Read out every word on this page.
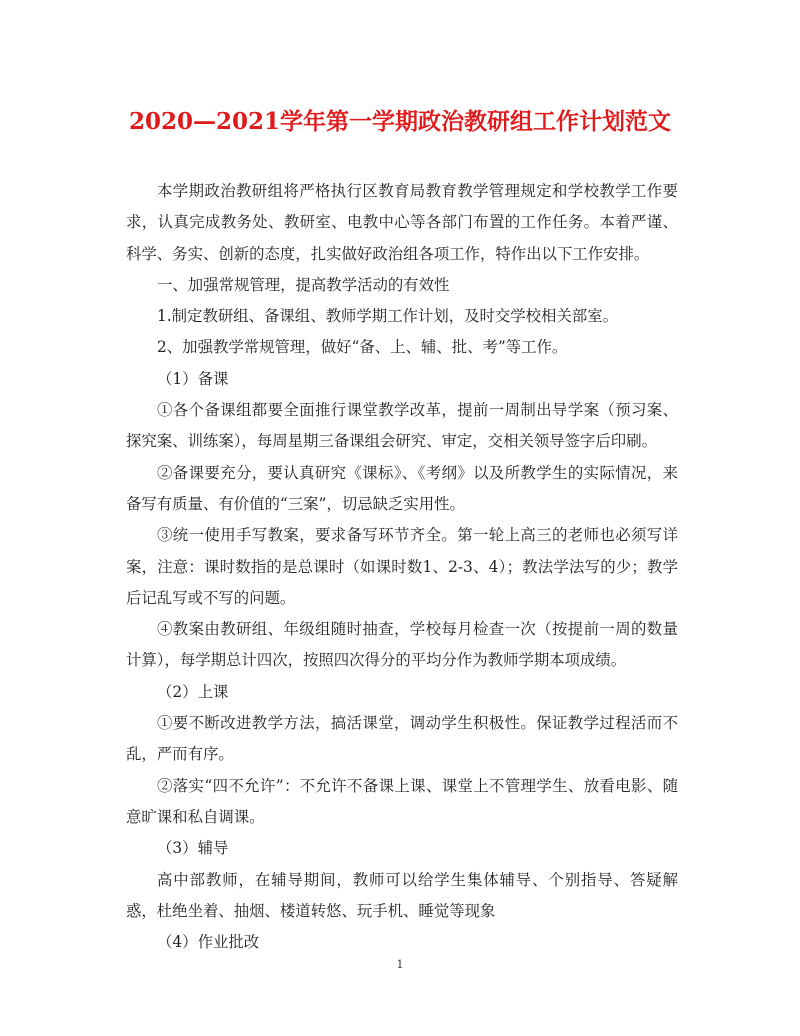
2020—2021学年第一学期政治教研组工作计划范文

本学期政治教研组将严格执行区教育局教育教学管理规定和学校教学工作要求，认真完成教务处、教研室、电教中心等各部门布置的工作任务。本着严谨、科学、务实、创新的态度，扎实做好政治组各项工作，特作出以下工作安排。

一、加强常规管理，提高教学活动的有效性

1.制定教研组、备课组、教师学期工作计划，及时交学校相关部室。

2、加强教学常规管理，做好“备、上、辅、批、考”等工作。

（1）备课

①各个备课组都要全面推行课堂教学改革，提前一周制出导学案（预习案、探究案、训练案），每周星期三备课组会研究、审定，交相关领导签字后印刷。

②备课要充分，要认真研究《课标》、《考纲》以及所教学生的实际情况，来备写有质量、有价值的“三案”，切忌缺乏实用性。

③统一使用手写教案，要求备写环节齐全。第一轮上高三的老师也必须写详案，注意：课时数指的是总课时（如课时数1、2-3、4）；教法学法写的少；教学后记乱写或不写的问题。

④教案由教研组、年级组随时抽查，学校每月检查一次（按提前一周的数量计算），每学期总计四次，按照四次得分的平均分作为教师学期本项成绩。

（2）上课

①要不断改进教学方法，搞活课堂，调动学生积极性。保证教学过程活而不乱，严而有序。

②落实“四不允许”：不允许不备课上课、课堂上不管理学生、放看电影、随意旷课和私自调课。

（3）辅导

高中部教师，在辅导期间，教师可以给学生集体辅导、个别指导、答疑解惑，杜绝坐着、抽烟、楼道转悠、玩手机、睡觉等现象

（4）作业批改

1
